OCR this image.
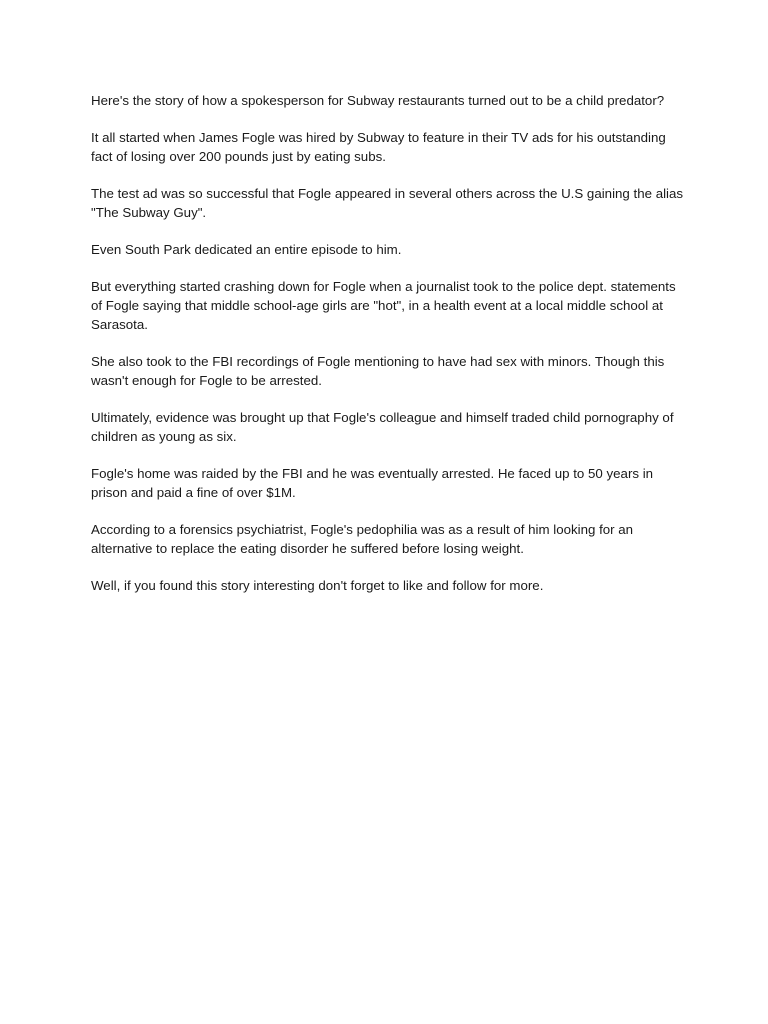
Here's the story of how a spokesperson for Subway restaurants turned out to be a child predator?

It all started when James Fogle was hired by Subway to feature in their TV ads for his outstanding fact of losing over 200 pounds just by eating subs.

The test ad was so successful that Fogle appeared in several others across the U.S gaining the alias "The Subway Guy".

Even South Park dedicated an entire episode to him.

But everything started crashing down for Fogle when a journalist took to the police dept. statements of Fogle saying that middle school-age girls are "hot", in a health event at a local middle school at Sarasota.

She also took to the FBI recordings of Fogle mentioning to have had sex with minors. Though this wasn't enough for Fogle to be arrested.

Ultimately, evidence was brought up that Fogle's colleague and himself traded child pornography of children as young as six.

Fogle's home was raided by the FBI and he was eventually arrested. He faced up to 50 years in prison and paid a fine of over $1M.

According to a forensics psychiatrist, Fogle's pedophilia was as a result of him looking for an alternative to replace the eating disorder he suffered before losing weight.

Well, if you found this story interesting don't forget to like and follow for more.
